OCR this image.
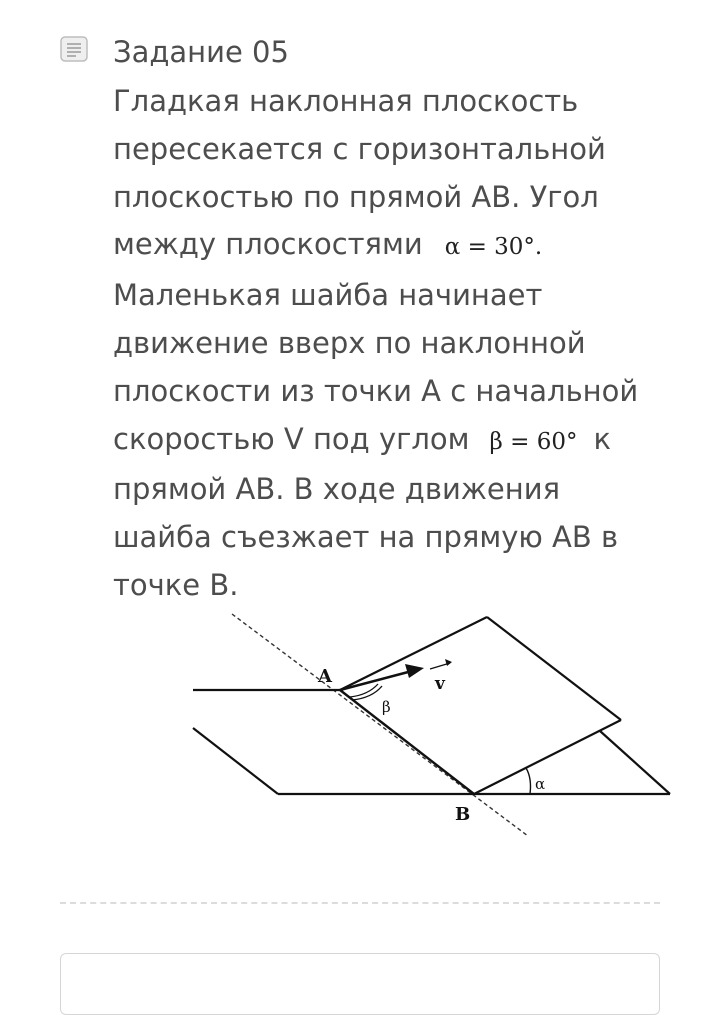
Задание 05
Гладкая наклонная плоскость
пересекается с горизонтальной
плоскостью по прямой АВ. Угол
между плоскостями α = 30°.
Маленькая шайба начинает
движение вверх по наклонной
плоскости из точки А с начальной
скоростью V под углом β = 60° к
прямой АВ. В ходе движения
шайба съезжает на прямую АВ в
точке В.
A
B
v
β
α
